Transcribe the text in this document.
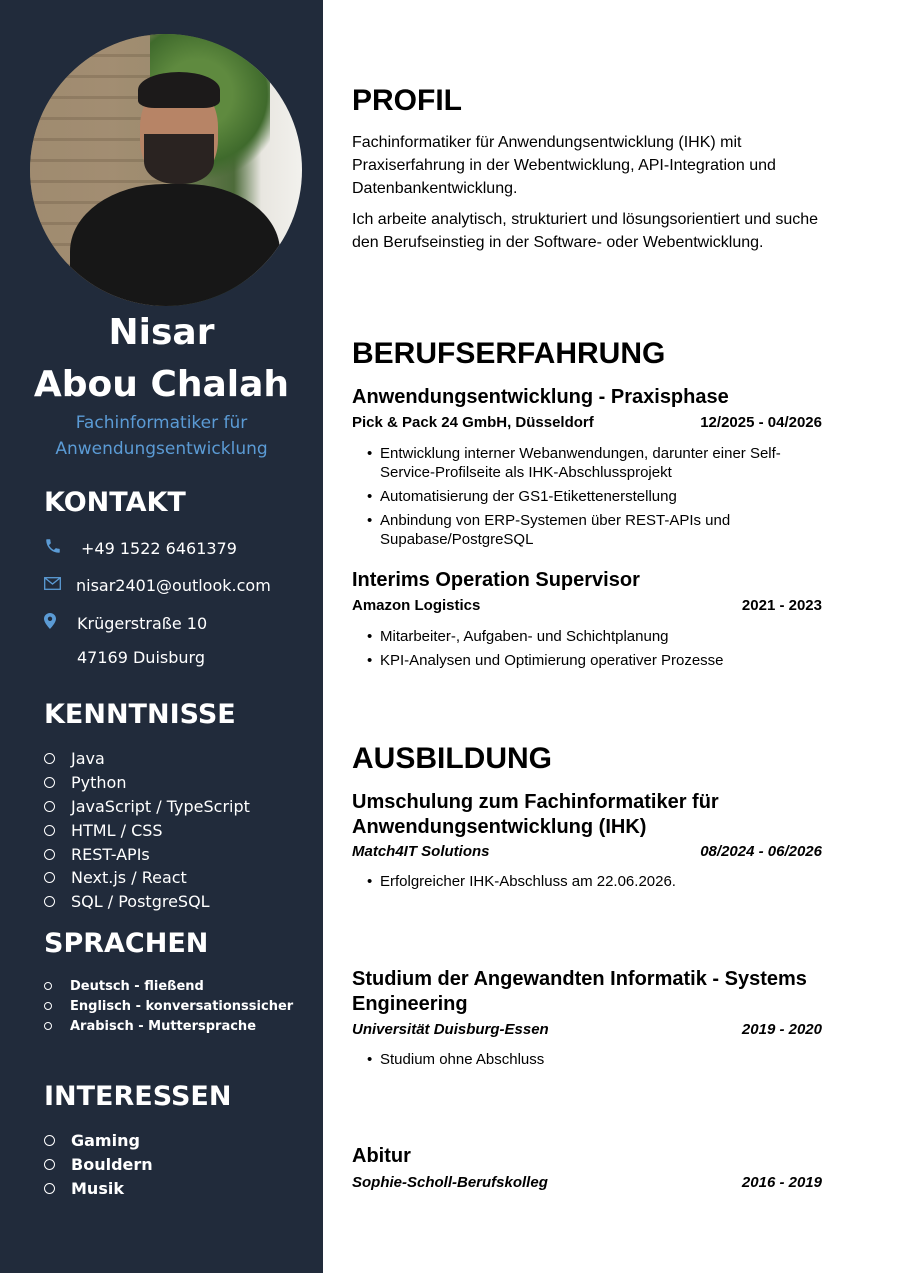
Nisar
Abou Chalah
Fachinformatiker für
Anwendungsentwicklung
KONTAKT
+49 1522 6461379
nisar2401@outlook.com
Krügerstraße 10
47169 Duisburg
KENNTNISSE
Java
Python
JavaScript / TypeScript
HTML / CSS
REST-APIs
Next.js / React
SQL / PostgreSQL
SPRACHEN
Deutsch - fließend
Englisch - konversationssicher
Arabisch - Muttersprache
INTERESSEN
Gaming
Bouldern
Musik
PROFIL
Fachinformatiker für Anwendungsentwicklung (IHK) mit Praxiserfahrung in der Webentwicklung, API-Integration und Datenbankentwicklung.
Ich arbeite analytisch, strukturiert und lösungsorientiert und suche den Berufseinstieg in der Software- oder Webentwicklung.
BERUFSERFAHRUNG
Anwendungsentwicklung - Praxisphase
Pick & Pack 24 GmbH, Düsseldorf	12/2025 - 04/2026
• Entwicklung interner Webanwendungen, darunter einer Self-Service-Profilseite als IHK-Abschlussprojekt
• Automatisierung der GS1-Etikettenerstellung
• Anbindung von ERP-Systemen über REST-APIs und Supabase/PostgreSQL
Interims Operation Supervisor
Amazon Logistics	2021 - 2023
• Mitarbeiter-, Aufgaben- und Schichtplanung
• KPI-Analysen und Optimierung operativer Prozesse
AUSBILDUNG
Umschulung zum Fachinformatiker für Anwendungsentwicklung (IHK)
Match4IT Solutions	08/2024 - 06/2026
• Erfolgreicher IHK-Abschluss am 22.06.2026.
Studium der Angewandten Informatik - Systems Engineering
Universität Duisburg-Essen	2019 - 2020
• Studium ohne Abschluss
Abitur
Sophie-Scholl-Berufskolleg	2016 - 2019
